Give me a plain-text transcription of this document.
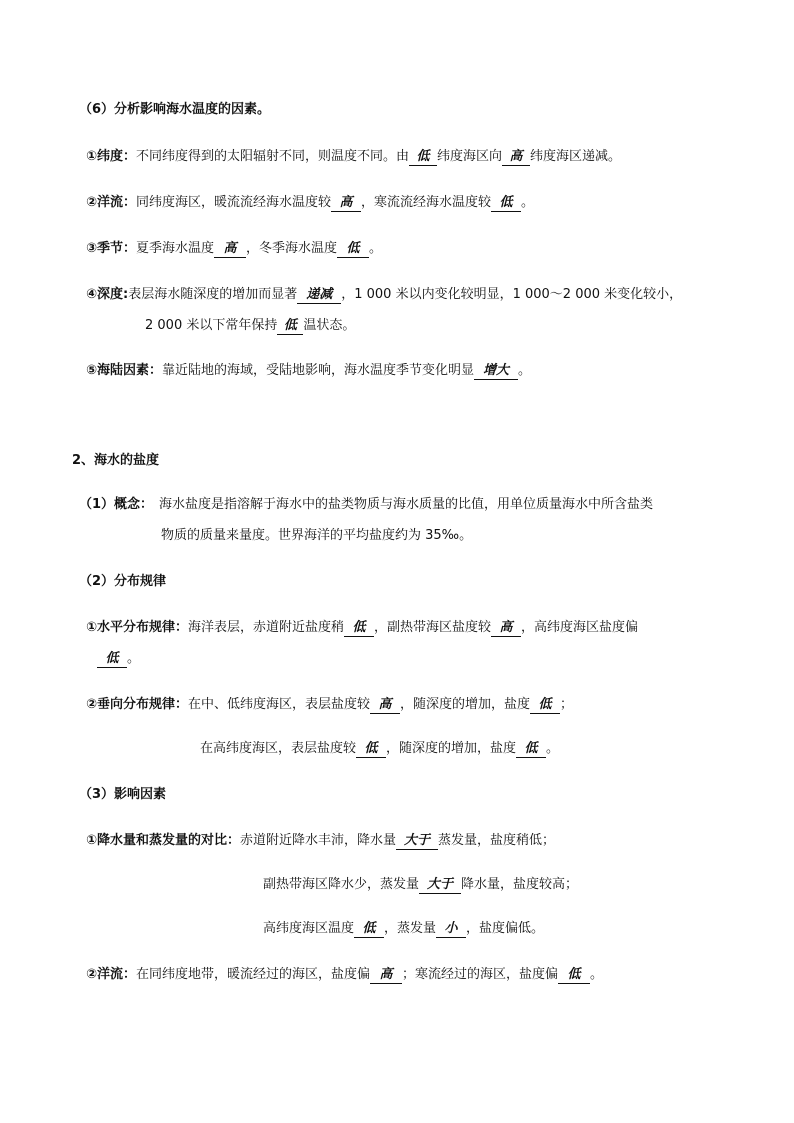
（6）分析影响海水温度的因素。
①纬度：不同纬度得到的太阳辐射不同，则温度不同。由 低 纬度海区向 高 纬度海区递减。
②洋流：同纬度海区，暖流流经海水温度较 高 ，寒流流经海水温度较 低 。
③季节：夏季海水温度 高 ，冬季海水温度 低 。
④深度:表层海水随深度的增加而显著 递减 ，1 000 米以内变化较明显，1 000～2 000 米变化较小，
2 000 米以下常年保持 低 温状态。
⑤海陆因素：靠近陆地的海域，受陆地影响，海水温度季节变化明显 增大 。
2、海水的盐度
（1）概念： 海水盐度是指溶解于海水中的盐类物质与海水质量的比值，用单位质量海水中所含盐类
物质的质量来量度。世界海洋的平均盐度约为 35‰。
（2）分布规律
①水平分布规律：海洋表层，赤道附近盐度稍 低 ，副热带海区盐度较 高 ，高纬度海区盐度偏
低 。
②垂向分布规律：在中、低纬度海区，表层盐度较 高 ，随深度的增加，盐度 低 ；
在高纬度海区，表层盐度较 低 ，随深度的增加，盐度 低 。
（3）影响因素
①降水量和蒸发量的对比：赤道附近降水丰沛，降水量 大于 蒸发量，盐度稍低；
副热带海区降水少，蒸发量 大于 降水量，盐度较高；
高纬度海区温度 低 ，蒸发量 小 ，盐度偏低。
②洋流：在同纬度地带，暖流经过的海区，盐度偏 高 ；寒流经过的海区，盐度偏 低 。
